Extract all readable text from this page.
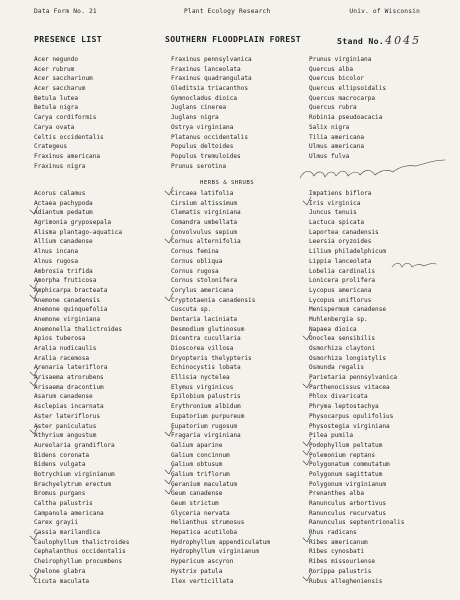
Data Form No. 21	Plant Ecology Research	Univ. of Wisconsin
PRESENCE LIST	SOUTHERN FLOODPLAIN FOREST	Stand No.4045
Acer negundo
Acer rubrum
Acer saccharinum
Acer saccharum
Betula lutea
Betula nigra
Carya cordiformis
Carya ovata
Celtis occidentalis
Crategeus
Fraxinus americana
Fraxinus nigra
Acorus calamus
Actaea pachypoda
Adiantum pedatum
Agrimonia gryposepala
Alisma plantago-aquatica
Allium canadense
Alnus incana
Alnus rugosa
Ambrosia trifida
Amorpha fruticosa
Amphicarpa bracteata
Anemone canadensis
Anemone quinquefolia
Anemone virginiana
Anemonella thalictroides
Apios tuberosa
Aralia nudicaulis
Aralia racemosa
Arenaria lateriflora
Arisaema atrorubens
Arisaema dracontium
Asarum canadense
Asclepias incarnata
Aster lateriflorus
Aster paniculatus
Athyrium angustum
Aureolaria grandiflora
Bidens coronata
Bidens vulgata
Botrychium virginianum
Brachyelytrum erectum
Bromus purgans
Caltha palustris
Campanula americana
Carex grayii
Cassia marilandica
Caulophyllum thalictroides
Cephalanthus occidentalis
Cheirophyllum procumbens
Chelone glabra
Cicuta maculata
Fraxinus pennsylvanica
Fraxinus lanceolata
Fraxinus quadrangulata
Gleditsia triacanthos
Gymnocladus dioica
Juglans cinerea
Juglans nigra
Ostrya virginiana
Platanus occidentalis
Populus deltoides
Populus tremuloides
Prunus serotina
HERBS & SHRUBS
Circaea latifolia
Cirsium altissimum
Clematis virginiana
Comandra umbellata
Convolvulus sepium
Cornus alternifolia
Cornus femina
Cornus obliqua
Cornus rugosa
Cornus stolonifera
Corylus americana
Cryptotaenia canadensis
Cuscuta sp.
Dentaria laciniata
Desmodium glutinosum
Dicentra cucullaria
Dioscorea villosa
Dryopteris thelypteris
Echinocystis lobata
Ellisia nyctelea
Elymus virginicus
Epilobium palustris
Erythronium albidum
Eupatorium purpureum
Eupatorium rugosum
Fragaria virginiana
Galium aparine
Galium concinnum
Galium obtusum
Galium triflorum
Geranium maculatum
Geum canadense
Geum strictum
Glyceria nervata
Helianthus strumosus
Hepatica acutiloba
Hydrophyllum appendiculatum
Hydrophyllum virginianum
Hypericum ascyron
Hystrix patula
Ilex verticillata
Prunus virginiana
Quercus alba
Quercus bicolor
Quercus ellipsoidalis
Quercus macrocarpa
Quercus rubra
Robinia pseudoacacia
Salix nigra
Tilia americana
Ulmus americana
Ulmus fulva
Impatiens biflora
Iris virginica
Juncus tenuis
Lactuca spicata
Laportea canadensis
Leersia oryzoides
Lilium philadelphicum
Lippia lanceolata
Lobelia cardinalis
Lonicera prolifera
Lycopus americana
Lycopus uniflorus
Menispermum canadense
Muhlenbergia sp.
Napaea dioica
Onoclea sensibilis
Osmorhiza claytoni
Osmorhiza longistylis
Osmunda regalis
Parietaria pennsylvanica
Parthenocissus vitacea
Phlox divaricata
Phryma leptostachya
Physocarpus opulifolius
Physostegia virginiana
Pilea pumila
Podophyllum peltatum
Polemonium reptans
Polygonatum commutatum
Polygonum sagittatum
Polygonum virginianum
Prenanthes alba
Ranunculus arbortivus
Ranunculus recurvatus
Ranunculus septentrionalis
Rhus radicans
Ribes americanum
Ribes cynosbati
Ribes missouriense
Rorippa palustris
Rubus allegheniensis
